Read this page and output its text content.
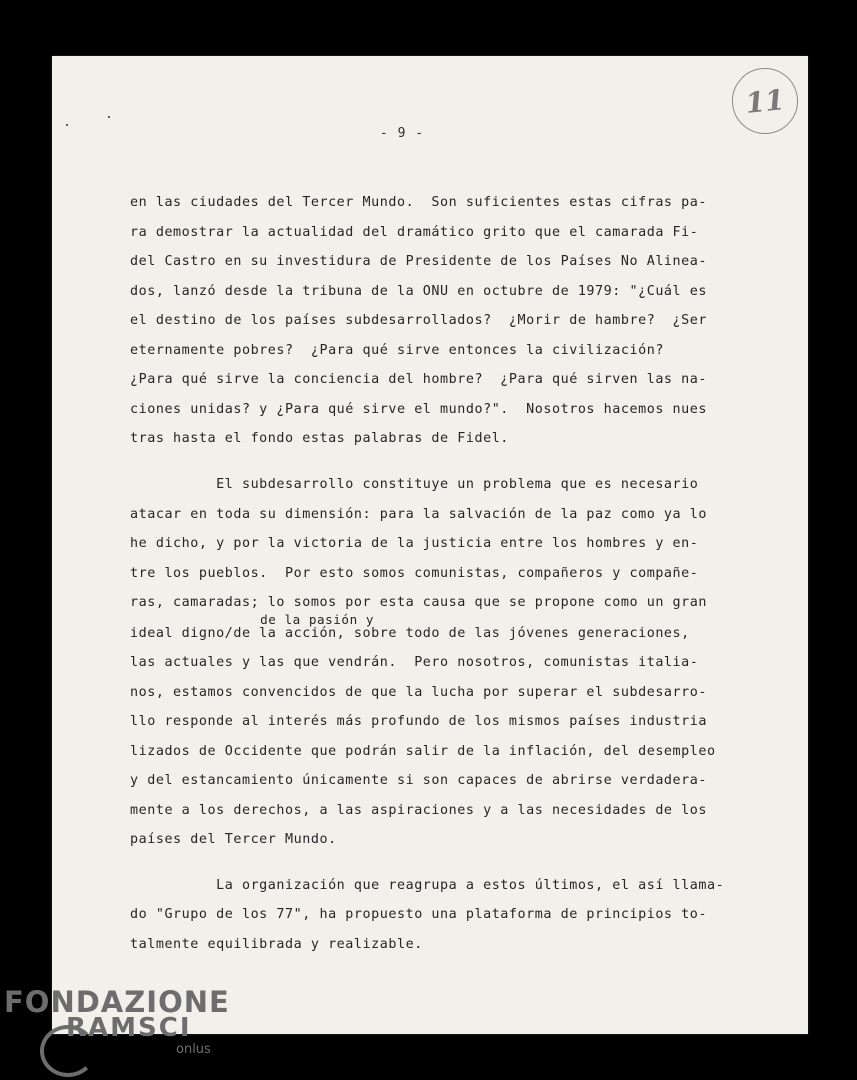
11
- 9 -
en las ciudades del Tercer Mundo.  Son suficientes estas cifras pa-
ra demostrar la actualidad del dramático grito que el camarada Fi-
del Castro en su investidura de Presidente de los Países No Alinea-
dos, lanzó desde la tribuna de la ONU en octubre de 1979: "¿Cuál es
el destino de los países subdesarrollados?  ¿Morir de hambre?  ¿Ser
eternamente pobres?  ¿Para qué sirve entonces la civilización?
¿Para qué sirve la conciencia del hombre?  ¿Para qué sirven las na-
ciones unidas? y ¿Para qué sirve el mundo?".  Nosotros hacemos nues
tras hasta el fondo estas palabras de Fidel.
El subdesarrollo constituye un problema que es necesario
atacar en toda su dimensión: para la salvación de la paz como ya lo
he dicho, y por la victoria de la justicia entre los hombres y en-
tre los pueblos.  Por esto somos comunistas, compañeros y compañe-
ras, camaradas; lo somos por esta causa que se propone como un gran
de la pasión y
ideal digno/de la acción, sobre todo de las jóvenes generaciones,
las actuales y las que vendrán.  Pero nosotros, comunistas italia-
nos, estamos convencidos de que la lucha por superar el subdesarro-
llo responde al interés más profundo de los mismos países industria
lizados de Occidente que podrán salir de la inflación, del desempleo
y del estancamiento únicamente si son capaces de abrirse verdadera-
mente a los derechos, a las aspiraciones y a las necesidades de los
países del Tercer Mundo.
La organización que reagrupa a estos últimos, el así llama-
do "Grupo de los 77", ha propuesto una plataforma de principios to-
talmente equilibrada y realizable.
FONDAZIONE
RAMSCI
onlus
